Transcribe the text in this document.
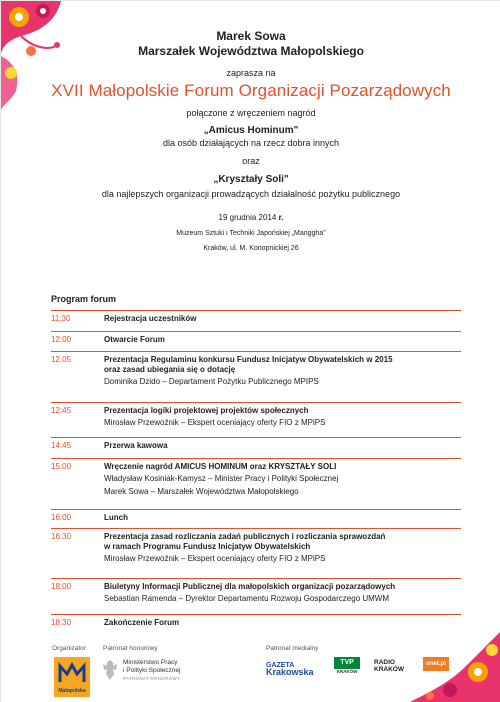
Marek Sowa
Marszałek Województwa Małopolskiego
zaprasza na
XVII Małopolskie Forum Organizacji Pozarządowych
połączone z wręczeniem nagród
„Amicus Hominum"
dla osób działających na rzecz dobra innych
oraz
„Kryształy Soli"
dla najlepszych organizacji prowadzących działalność pożytku publicznego
19 grudnia 2014 r.
Muzeum Sztuki i Techniki Japońskiej „Manggha"
Kraków, ul. M. Konopnickiej 26
Program forum
11:30	Rejestracja uczestników
12:00	Otwarcie Forum
12.05	Prezentacja Regulaminu konkursu Fundusz Inicjatyw Obywatelskich w 2015
oraz zasad ubiegania się o dotację
Dominika Dzido – Departament Pożytku Publicznego MPIPS
12:45	Prezentacja logiki projektowej projektów społecznych
Mirosław Przewoźnik – Ekspert oceniający oferty FIO z MPiPS
14:45	Przerwa kawowa
15:00	Wręczenie nagród AMICUS HOMINUM oraz KRYSZTAŁY SOLI
Władysław Kosiniak-Kamysz – Minister Pracy i Polityki Społecznej
Marek Sowa – Marszałek Województwa Małopolskiego
16:00	Lunch
16:30	Prezentacja zasad rozliczania zadań publicznych i rozliczania sprawozdań
w ramach Programu Fundusz Inicjatyw Obywatelskich
Mirosław Przewoźnik – Ekspert oceniający oferty FIO z MPiPS
18:00	Biuletyny Informacji Publicznej dla małopolskich organizacji pozarządowych
Sebastian Ramenda – Dyrektor Departamentu Rozwoju Gospodarczego UMWM
18:30	Zakończenie Forum
Organizator	Patronat honorowy	Patronat medialny
Małopolska
Ministerstwo Pracy
i Polityki Społecznej
PATRONAT HONOROWY
GAZETA
Krakowska
TVP
KRAKÓW
RADIO
KRAKÓW
onet.pl
